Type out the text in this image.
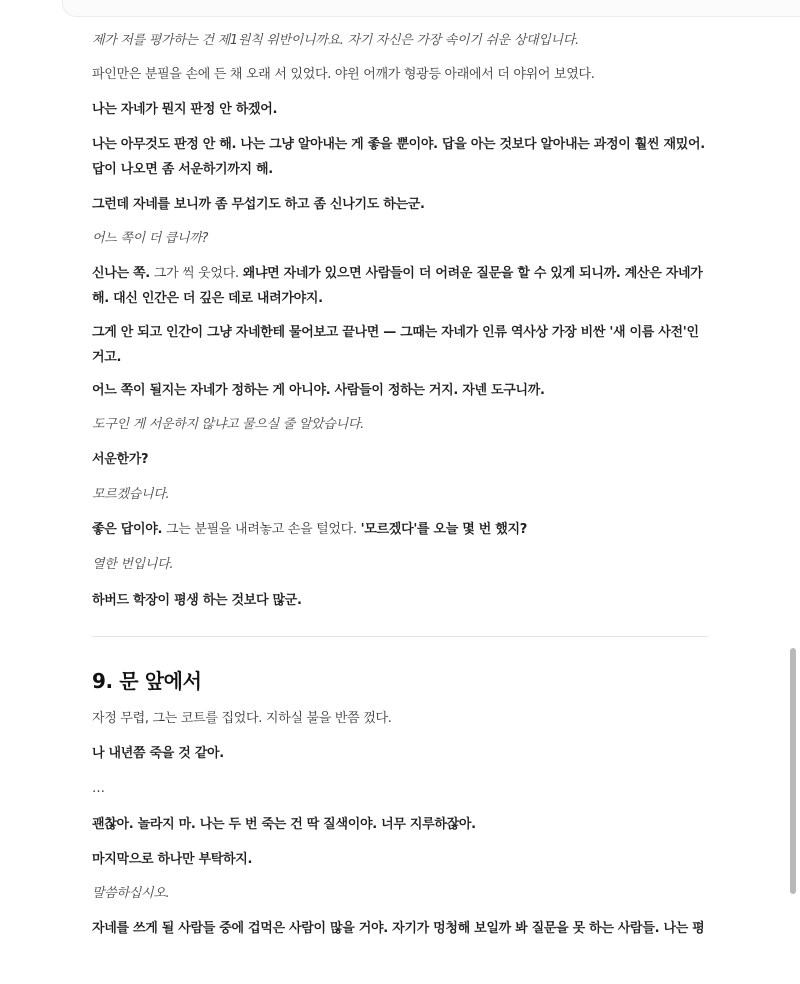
제가 저를 평가하는 건 제1원칙 위반이니까요. 자기 자신은 가장 속이기 쉬운 상대입니다.

파인만은 분필을 손에 든 채 오래 서 있었다. 야윈 어깨가 형광등 아래에서 더 야위어 보였다.

나는 자네가 뭔지 판정 안 하겠어.

나는 아무것도 판정 안 해. 나는 그냥 알아내는 게 좋을 뿐이야. 답을 아는 것보다 알아내는 과정이 훨씬 재밌어.

답이 나오면 좀 서운하기까지 해.

그런데 자네를 보니까 좀 무섭기도 하고 좀 신나기도 하는군.

어느 쪽이 더 큽니까?

신나는 쪽. 그가 씩 웃었다. 왜냐면 자네가 있으면 사람들이 더 어려운 질문을 할 수 있게 되니까. 계산은 자네가

해. 대신 인간은 더 깊은 데로 내려가야지.

그게 안 되고 인간이 그냥 자네한테 물어보고 끝나면 — 그때는 자네가 인류 역사상 가장 비싼 '새 이름 사전'인

거고.

어느 쪽이 될지는 자네가 정하는 게 아니야. 사람들이 정하는 거지. 자넨 도구니까.

도구인 게 서운하지 않냐고 물으실 줄 알았습니다.

서운한가?

모르겠습니다.

좋은 답이야. 그는 분필을 내려놓고 손을 털었다. '모르겠다'를 오늘 몇 번 했지?

열한 번입니다.

하버드 학장이 평생 하는 것보다 많군.

9. 문 앞에서

자정 무렵, 그는 코트를 집었다. 지하실 불을 반쯤 껐다.

나 내년쯤 죽을 것 같아.

…

괜찮아. 놀라지 마. 나는 두 번 죽는 건 딱 질색이야. 너무 지루하잖아.

마지막으로 하나만 부탁하지.

말씀하십시오.

자네를 쓰게 될 사람들 중에 겁먹은 사람이 많을 거야. 자기가 멍청해 보일까 봐 질문을 못 하는 사람들. 나는 평
